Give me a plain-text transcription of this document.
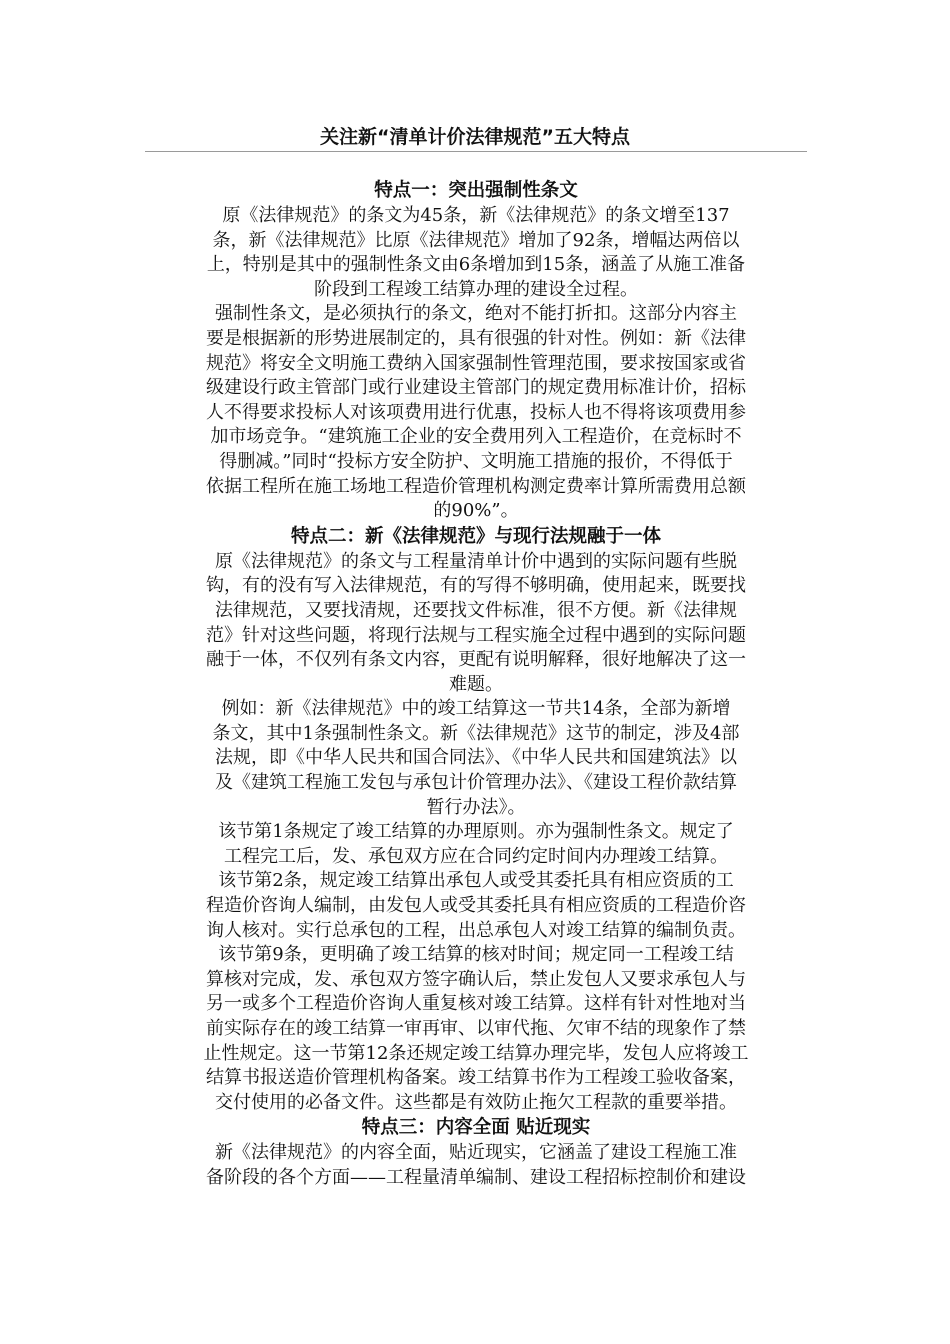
关注新“清单计价法律规范”五大特点
特点一：突出强制性条文

原《法律规范》的条文为45条，新《法律规范》的条文增至137
条，新《法律规范》比原《法律规范》增加了92条，增幅达两倍以
上，特别是其中的强制性条文由6条增加到15条，涵盖了从施工准备
阶段到工程竣工结算办理的建设全过程。

强制性条文，是必须执行的条文，绝对不能打折扣。这部分内容主
要是根据新的形势进展制定的，具有很强的针对性。例如：新《法律
规范》将安全文明施工费纳入国家强制性管理范围，要求按国家或省
级建设行政主管部门或行业建设主管部门的规定费用标准计价，招标
人不得要求投标人对该项费用进行优惠，投标人也不得将该项费用参
加市场竞争。“建筑施工企业的安全费用列入工程造价，在竞标时不
得删减。”同时“投标方安全防护、文明施工措施的报价，不得低于
依据工程所在施工场地工程造价管理机构测定费率计算所需费用总额
的90%”。

特点二：新《法律规范》与现行法规融于一体

原《法律规范》的条文与工程量清单计价中遇到的实际问题有些脱
钩，有的没有写入法律规范，有的写得不够明确，使用起来，既要找
法律规范，又要找清规，还要找文件标准，很不方便。新《法律规
范》针对这些问题，将现行法规与工程实施全过程中遇到的实际问题
融于一体，不仅列有条文内容，更配有说明解释，很好地解决了这一
难题。

例如：新《法律规范》中的竣工结算这一节共14条，全部为新增
条文，其中1条强制性条文。新《法律规范》这节的制定，涉及4部
法规，即《中华人民共和国合同法》、《中华人民共和国建筑法》以
及《建筑工程施工发包与承包计价管理办法》、《建设工程价款结算
暂行办法》。

该节第1条规定了竣工结算的办理原则。亦为强制性条文。规定了
工程完工后，发、承包双方应在合同约定时间内办理竣工结算。

该节第2条，规定竣工结算出承包人或受其委托具有相应资质的工
程造价咨询人编制，由发包人或受其委托具有相应资质的工程造价咨
询人核对。实行总承包的工程，出总承包人对竣工结算的编制负责。

该节第9条，更明确了竣工结算的核对时间；规定同一工程竣工结
算核对完成，发、承包双方签字确认后，禁止发包人又要求承包人与
另一或多个工程造价咨询人重复核对竣工结算。这样有针对性地对当
前实际存在的竣工结算一审再审、以审代拖、欠审不结的现象作了禁
止性规定。这一节第12条还规定竣工结算办理完毕，发包人应将竣工
结算书报送造价管理机构备案。竣工结算书作为工程竣工验收备案，
交付使用的必备文件。这些都是有效防止拖欠工程款的重要举措。

特点三：内容全面 贴近现实

新《法律规范》的内容全面，贴近现实，它涵盖了建设工程施工准
备阶段的各个方面——工程量清单编制、建设工程招标控制价和建设
